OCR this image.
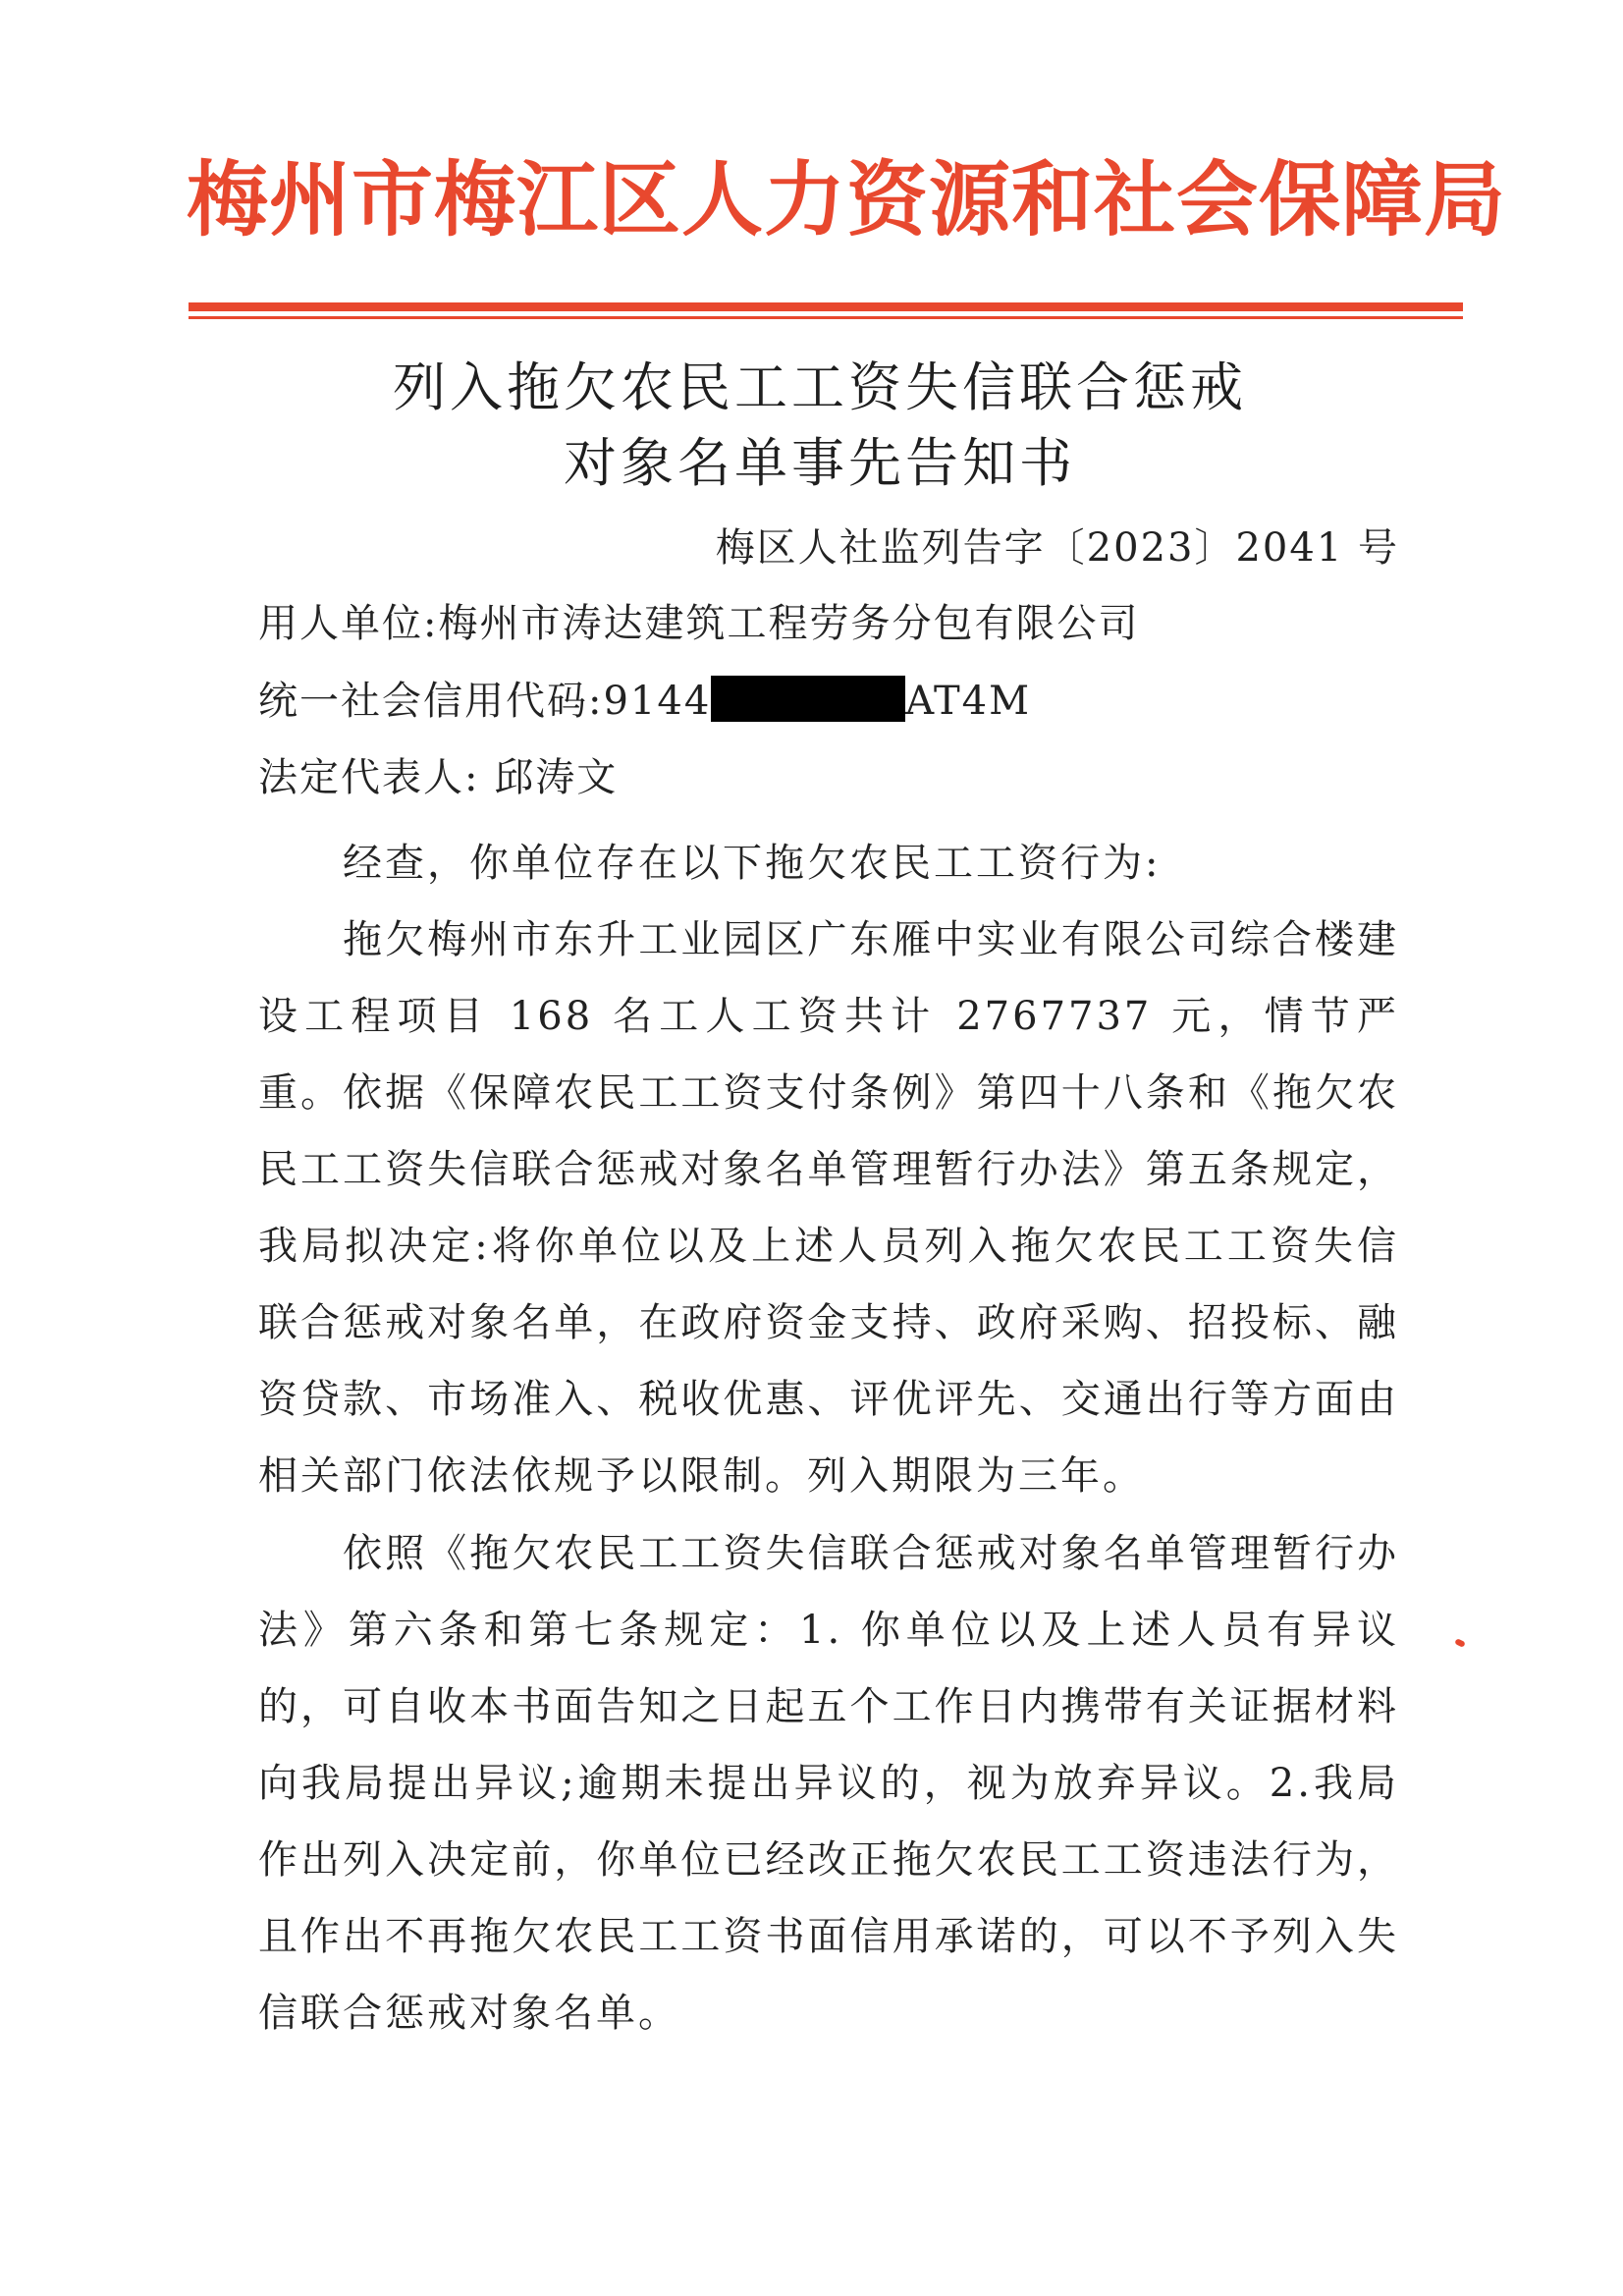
梅州市梅江区人力资源和社会保障局
列入拖欠农民工工资失信联合惩戒
对象名单事先告知书
梅区人社监列告字〔2023〕2041 号
用人单位:梅州市涛达建筑工程劳务分包有限公司
统一社会信用代码:9144	AT4M
法定代表人: 邱涛文
经查，你单位存在以下拖欠农民工工资行为:
拖欠梅州市东升工业园区广东雁中实业有限公司综合楼建设工程项目 168 名工人工资共计 2767737 元，情节严重。 依据《保障农民工工资支付条例》第四十八条和《拖欠农民工工资失信联合惩戒对象名单管理暂行办法》第五条规定，我局拟决定:将你单位以及上述人员列入拖欠农民工工资失信联合惩戒对象名单，在政府资金支持、政府采购、招投标、融资贷款、市场准入、税收优惠、评优评先、交通出行等方面由相关部门依法依规予以限制。列入期限为三年。
依照《拖欠农民工工资失信联合惩戒对象名单管理暂行办法》第六条和第七条规定：1. 你单位以及上述人员有异议的，可自收本书面告知之日起五个工作日内携带有关证据材料向我局提出异议;逾期未提出异议的，视为放弃异议。2.我局作出列入决定前，你单位已经改正拖欠农民工工资违法行为，且作出不再拖欠农民工工资书面信用承诺的，可以不予列入失信联合惩戒对象名单。
